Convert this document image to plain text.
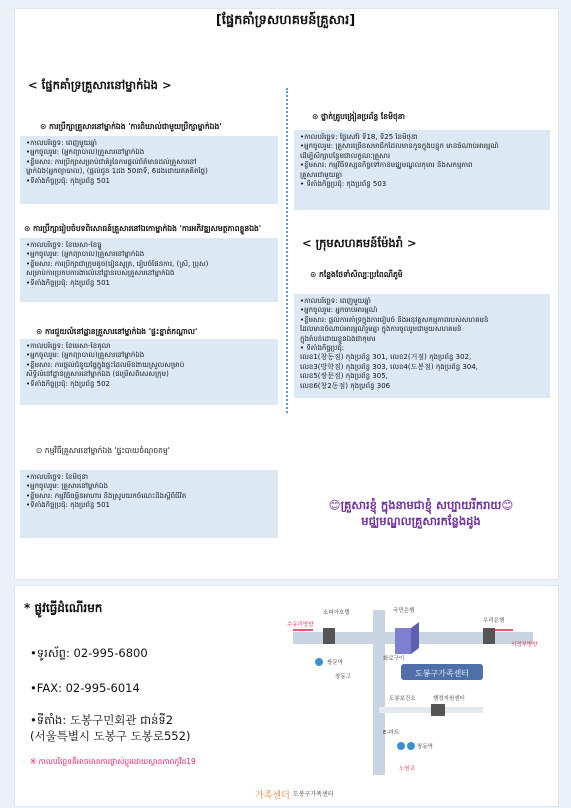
[ផ្នែកគាំទ្រសហគមន៍គ្រួសារ]
< ផ្នែកគាំទ្រគ្រួសារនៅម្នាក់ឯង >
⊙ ការប្រឹក្សាគ្រួសារនៅម្នាក់ឯង 'ការពិឃាល់ជាមួយប្រឹក្សាម្នាក់ឯង'
•កាលបរិច្ឆេទ: ពេញមួយឆ្នាំ
•អ្នកចូលរួម: (អ្នកព្យាបាល)គ្រួសារនៅម្នាក់ឯង
•ខ្លឹមសារ: ការប្រឹក្សាសម្រាប់ជាគំរូនៃការផ្តល់ព័ត៌មានដល់គ្រួសារនៅ
ម្នាក់ឯង(អ្នកព្យាបាល), (ផ្តល់ជូន 1ដង 50នាទី, 6ដងដោយឥតគិតថ្លៃ)
•ទីតាំងកិច្ចប្រជុំ: កុងប្រព័ន្ធ 501
⊙ ការប្រឹក្សារៀបចំបទពិសោធន៍គ្រួសារនៅឯកោម្នាក់ឯង 'ការអភិវឌ្ឍសមត្ថភាពខ្លួនឯង'
•កាលបរិច្ឆេទ: ខែមេសា-ខែធ្នូ
•អ្នកចូលរួម: (អ្នកព្យាបាល)គ្រួសារនៅម្នាក់ឯង
•ខ្លឹមសារ: ការប្រឹក្សាជាក្រុមតូច(រៀនសូត្រ, រៀបចំផែនការ, (ស្រី, ប្រុស)
សម្រាប់ការប្រកបការងារលំនៅដ្ឋានរបស់គ្រួសារនៅម្នាក់ឯង
•ទីតាំងកិច្ចប្រជុំ: កុងប្រព័ន្ធ 501
⊙ ការជួយលំនៅដ្ឋានគ្រួសារនៅម្នាក់ឯង 'ផ្ទះខ្នាត់កណ្តាល'
•កាលបរិច្ឆេទ: ខែមេសា-ខែតុលា
•អ្នកចូលរួម: (អ្នកព្យាបាល)គ្រួសារនៅម្នាក់ឯង
•ខ្លឹមសារ: ការផ្តល់ជំនួយផ្ទៃក្នុងផ្ទះដែលមិនងាយស្រួលសម្រាប់
សិទ្ធិលំនៅដ្ឋានគ្រួសារនៅម្នាក់ឯង (ជម្រើសពិសេសក្រុម)
•ទីតាំងកិច្ចប្រជុំ: កុងប្រព័ន្ធ 502
⊙ កម្មវិធីគ្រួសារនៅម្នាក់ឯង 'ផ្ទះបាយចំណុចកម្ម'
•កាលបរិច្ឆេទ: ខែមិថុនា
•អ្នកចូលរួម: គ្រួសារនៅម្នាក់ឯង
•ខ្លឹមសារ: កម្មវិធីចម្អិនអាហារ និងស្រូបយកចំណេះដឹងស្តីពីជីវិត
•ទីតាំងកិច្ចប្រជុំ: កុងប្រព័ន្ធ 501
⊙ ថ្នាក់គ្រូបង្រៀនប្រព័ន្ធ ខែមិថុនា
•កាលបរិច្ឆេទ: ថ្ងៃសៅរ៍ ទី18, ទី25 ខែមិថុនា
•អ្នកចូលរួម: គ្រួសារច្រើនសមាជិកដែលមានកូនក្នុងបន្ទុក មានចំណាប់អារម្មណ៍
ដើម្បីសិក្សាបន្ថែមជាលក្ខណៈគ្រួសារ
•ខ្លឹមសារ: កម្មវិធីទស្សនកិច្ចទៅកាន់មជ្ឈមណ្ឌលកុមារ និងសកម្មភាព
គ្រួសារជាមួយគ្នា
• ទីតាំងកិច្ចប្រជុំ: កុងប្រព័ន្ធ 503
< ក្រុមសហគមន៍ម៉ែងរាំ >
⊙ កន្លែងថែទាំសិល្បៈប្រពៃណីភូមិ
•កាលបរិច្ឆេទ: ពេញមួយឆ្នាំ
•អ្នកចូលរួម: អ្នកចាប់អារម្មណ៍
•ខ្លឹមសារ: ផ្តល់ការគាំទ្រក្នុងការរៀបចំ និងអនុវត្តសកម្មភាពរបស់សហគមន៍
ដែលមានចំណាប់អារម្មណ៍រួមគ្នា ក្នុងការចូលរួមជាមួយសហគមន៍
ក្នុងតំបន់ដោយខ្លួនឯងជាកុមារ
• ទីតាំងកិច្ចប្រជុំ:
លេខ1(창동점) កុងប្រព័ន្ធ 301, លេខ2(거점) កុងប្រព័ន្ធ 302,
លេខ3(방학점) កុងប្រព័ន្ធ 303, លេខ4(도봉점) កុងប្រព័ន្ធ 304,
លេខ5(쌍문점) កុងប្រព័ន្ធ 305,
លេខ6(창2동점) កុងប្រព័ន្ធ 306
😊គ្រួសារខ្ញុំ ក្នុងនាមជាខ្ញុំ សប្បាយរីករាយ😊
មជ្ឈមណ្ឌលគ្រួសារកន្លែងដូង
* ផ្លូវធ្វើដំណើរមក
•ទូរស័ព្ទ: 02-995-6800
•FAX: 02-995-6014
•ទីតាំង: 도봉구민회관 ជាន់ទី2
(서울특별시 도봉구 도봉로552)
※ កាលបរិច្ឆេទគឺអាចមានការផ្លាស់ប្តូរដោយស្ថានភាពកូវីដ19
도봉구가족센터
소피아호텔	국민은행
수유리방향
우리은행
의정부방향
쌍문역
창동고
화로구이
도봉보건소	행정지원센터
E-마트
창동역
노원교
가족센터 도봉구가족센터
